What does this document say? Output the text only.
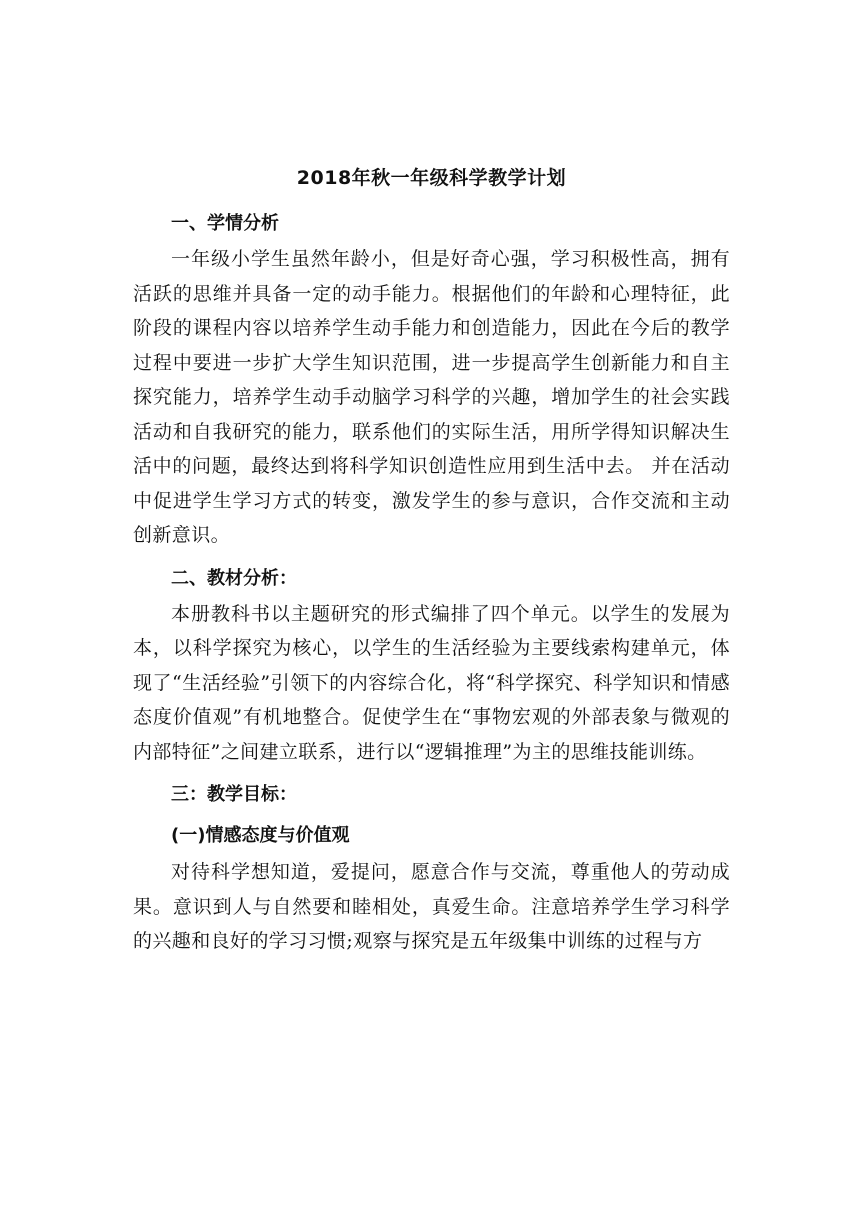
2018年秋一年级科学教学计划
一、学情分析

一年级小学生虽然年龄小，但是好奇心强，学习积极性高，拥有活跃的思维并具备一定的动手能力。根据他们的年龄和心理特征，此阶段的课程内容以培养学生动手能力和创造能力，因此在今后的教学过程中要进一步扩大学生知识范围，进一步提高学生创新能力和自主探究能力，培养学生动手动脑学习科学的兴趣，增加学生的社会实践活动和自我研究的能力，联系他们的实际生活，用所学得知识解决生活中的问题，最终达到将科学知识创造性应用到生活中去。 并在活动中促进学生学习方式的转变，激发学生的参与意识，合作交流和主动创新意识。

二、教材分析：

本册教科书以主题研究的形式编排了四个单元。以学生的发展为本，以科学探究为核心，以学生的生活经验为主要线索构建单元，体现了“生活经验”引领下的内容综合化，将“科学探究、科学知识和情感态度价值观”有机地整合。促使学生在“事物宏观的外部表象与微观的内部特征”之间建立联系，进行以“逻辑推理”为主的思维技能训练。

三：教学目标：
(一)情感态度与价值观

对待科学想知道，爱提问，愿意合作与交流，尊重他人的劳动成果。意识到人与自然要和睦相处，真爱生命。注意培养学生学习科学的兴趣和良好的学习习惯;观察与探究是五年级集中训练的过程与方
